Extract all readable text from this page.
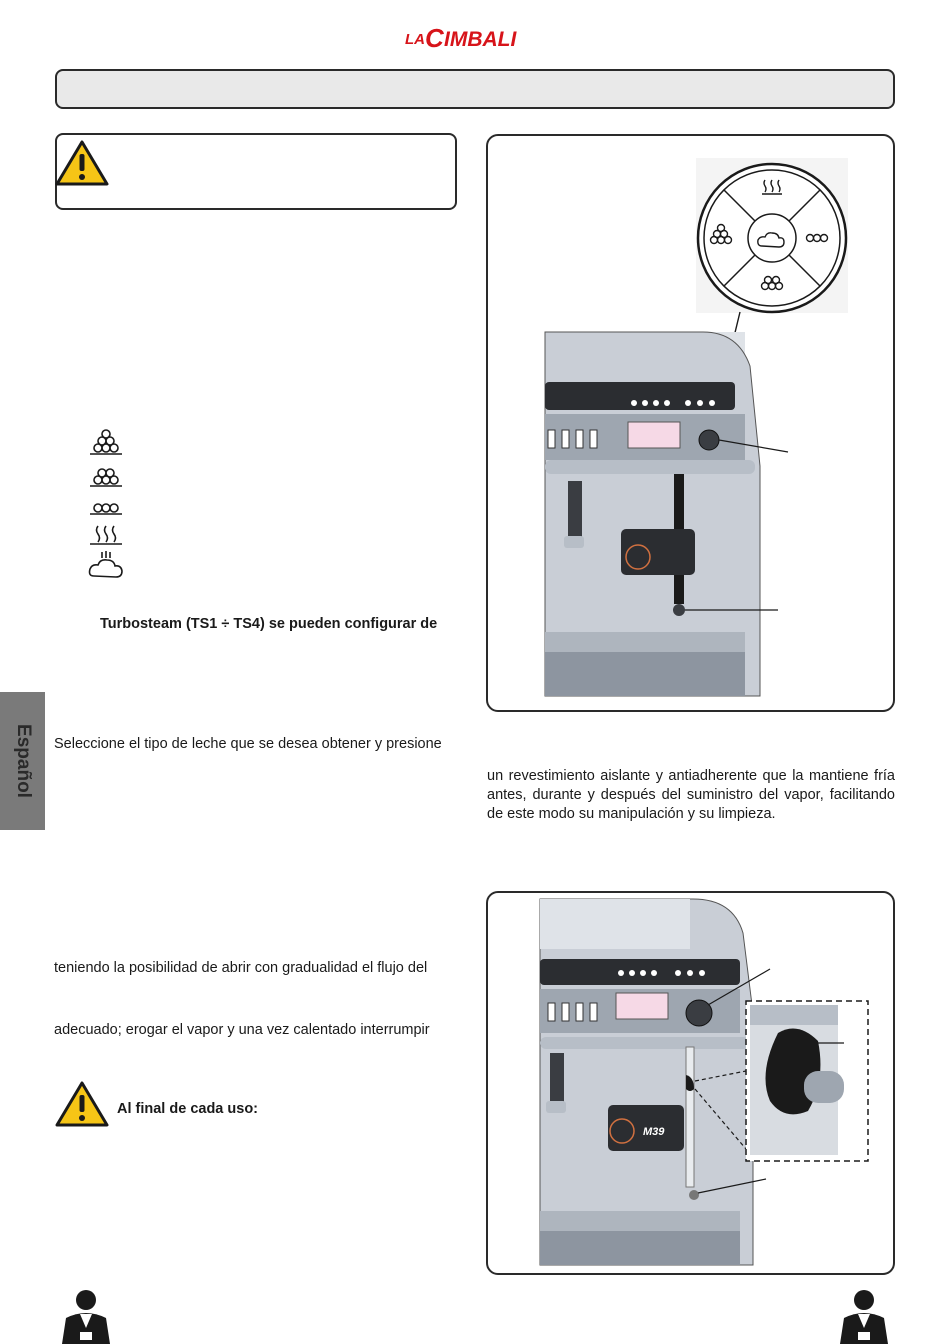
LA C IMBALI
Turbosteam (TS1 ÷ TS4) se pueden configurar de
Seleccione el tipo de leche que se desea obtener y presione
teniendo la posibilidad de abrir con gradualidad el flujo del
adecuado; erogar el vapor y una vez calentado interrumpir
Al final de cada uso:
Español	un revestimiento aislante y antiadherente que la mantiene fría antes, durante y después del suministro del vapor, facilitando de este modo su manipulación y su limpieza.
M39
